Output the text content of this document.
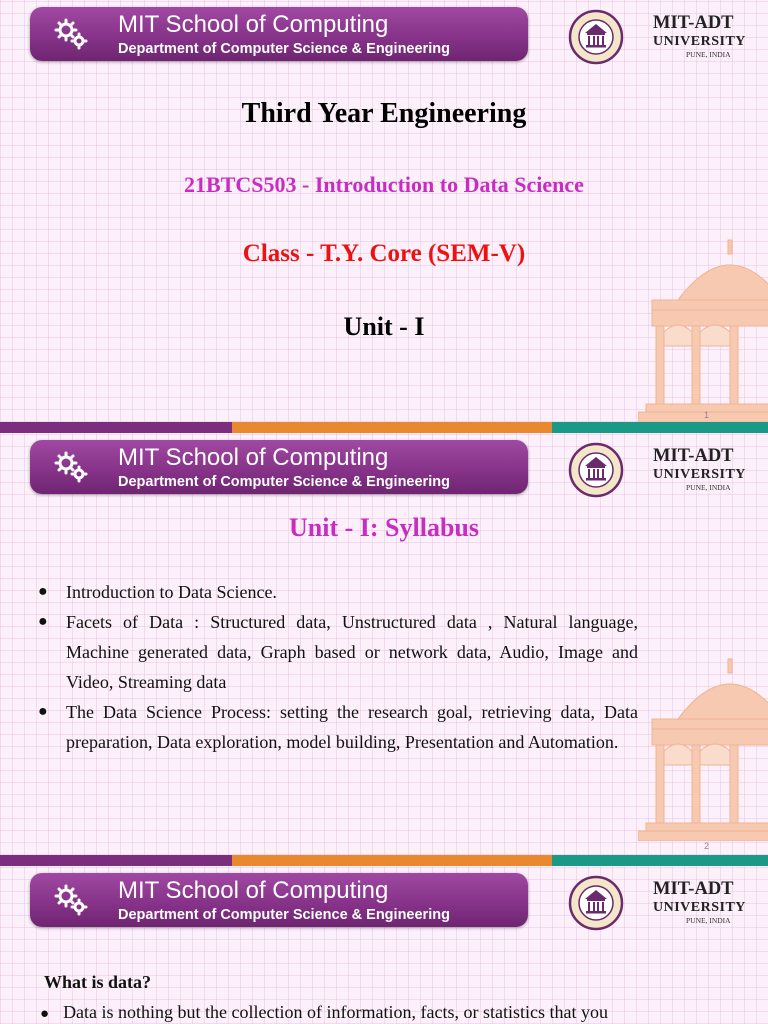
MIT School of Computing
Department of Computer Science & Engineering
MIT-ADT
UNIVERSITY
PUNE, INDIA
Third Year Engineering
21BTCS503 - Introduction to Data Science
Class - T.Y. Core (SEM-V)
Unit - I
1
MIT School of Computing
Department of Computer Science & Engineering
MIT-ADT
UNIVERSITY
PUNE, INDIA
Unit - I: Syllabus
● Introduction to Data Science.
● Facets of Data : Structured data, Unstructured data , Natural language, Machine generated data, Graph based or network data, Audio, Image and Video, Streaming data
● The Data Science Process: setting the research goal, retrieving data, Data preparation, Data exploration, model building, Presentation and Automation.
2
MIT School of Computing
Department of Computer Science & Engineering
MIT-ADT
UNIVERSITY
PUNE, INDIA
What is data?
● Data is nothing but the collection of information, facts, or statistics that you
